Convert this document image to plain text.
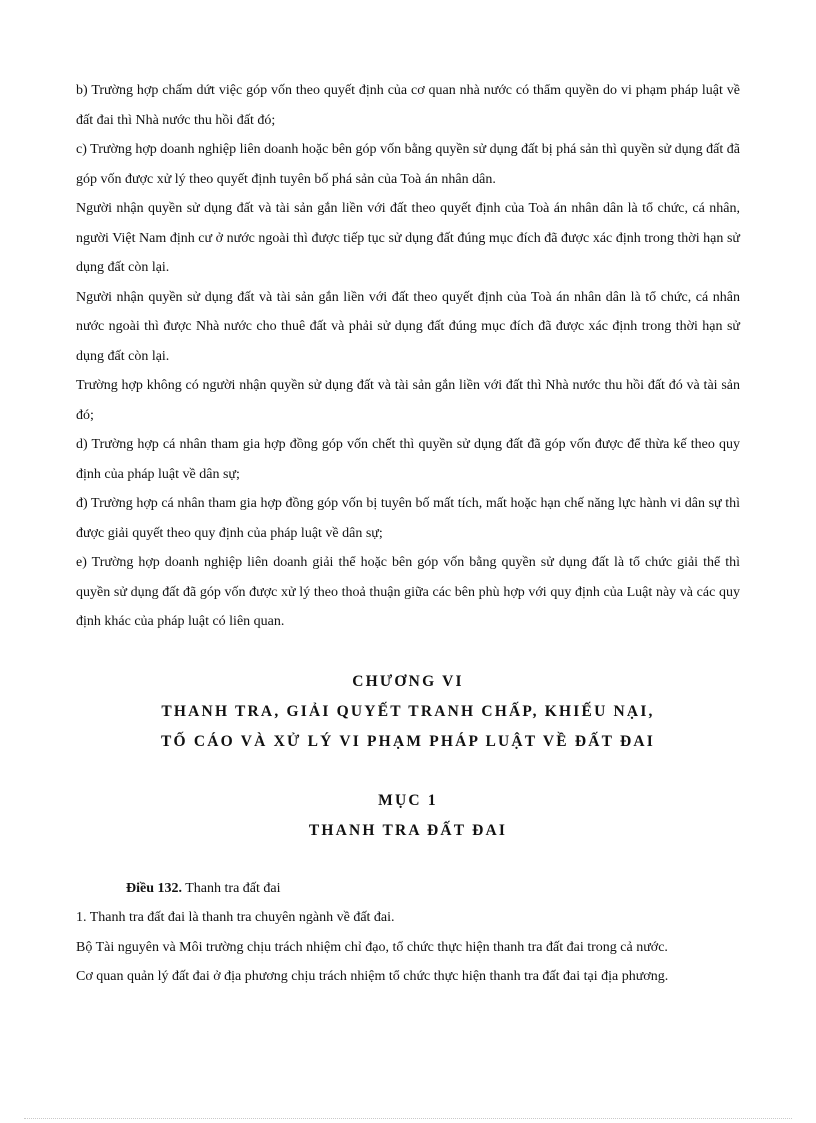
b) Trường hợp chấm dứt việc góp vốn theo quyết định của cơ quan nhà nước có thẩm quyền do vi phạm pháp luật về đất đai thì Nhà nước thu hồi đất đó;

c) Trường hợp doanh nghiệp liên doanh hoặc bên góp vốn bằng quyền sử dụng đất bị phá sản thì quyền sử dụng đất đã góp vốn được xử lý theo quyết định tuyên bố phá sản của Toà án nhân dân.

Người nhận quyền sử dụng đất và tài sản gắn liền với đất theo quyết định của Toà án nhân dân là tổ chức, cá nhân, người Việt Nam định cư ở nước ngoài thì được tiếp tục sử dụng đất đúng mục đích đã được xác định trong thời hạn sử dụng đất còn lại.

Người nhận quyền sử dụng đất và tài sản gắn liền với đất theo quyết định của Toà án nhân dân là tổ chức, cá nhân nước ngoài thì được Nhà nước cho thuê đất và phải sử dụng đất đúng mục đích đã được xác định trong thời hạn sử dụng đất còn lại.

Trường hợp không có người nhận quyền sử dụng đất và tài sản gắn liền với đất thì Nhà nước thu hồi đất đó và tài sản đó;

d) Trường hợp cá nhân tham gia hợp đồng góp vốn chết thì quyền sử dụng đất đã góp vốn được để thừa kế theo quy định của pháp luật về dân sự;

đ) Trường hợp cá nhân tham gia hợp đồng góp vốn bị tuyên bố mất tích, mất hoặc hạn chế năng lực hành vi dân sự thì được giải quyết theo quy định của pháp luật về dân sự;

e) Trường hợp doanh nghiệp liên doanh giải thể hoặc bên góp vốn bằng quyền sử dụng đất là tổ chức giải thể thì quyền sử dụng đất đã góp vốn được xử lý theo thoả thuận giữa các bên phù hợp với quy định của Luật này và các quy định khác của pháp luật có liên quan.

CHƯƠNG VI

THANH TRA, GIẢI QUYẾT TRANH CHẤP, KHIẾU NẠI,

TỐ CÁO VÀ XỬ LÝ VI PHẠM PHÁP LUẬT VỀ ĐẤT ĐAI

MỤC 1

THANH TRA ĐẤT ĐAI

Điều 132. Thanh tra đất đai

1. Thanh tra đất đai là thanh tra chuyên ngành về đất đai.

Bộ Tài nguyên và Môi trường chịu trách nhiệm chỉ đạo, tổ chức thực hiện thanh tra đất đai trong cả nước.

Cơ quan quản lý đất đai ở địa phương chịu trách nhiệm tổ chức thực hiện thanh tra đất đai tại địa phương.
